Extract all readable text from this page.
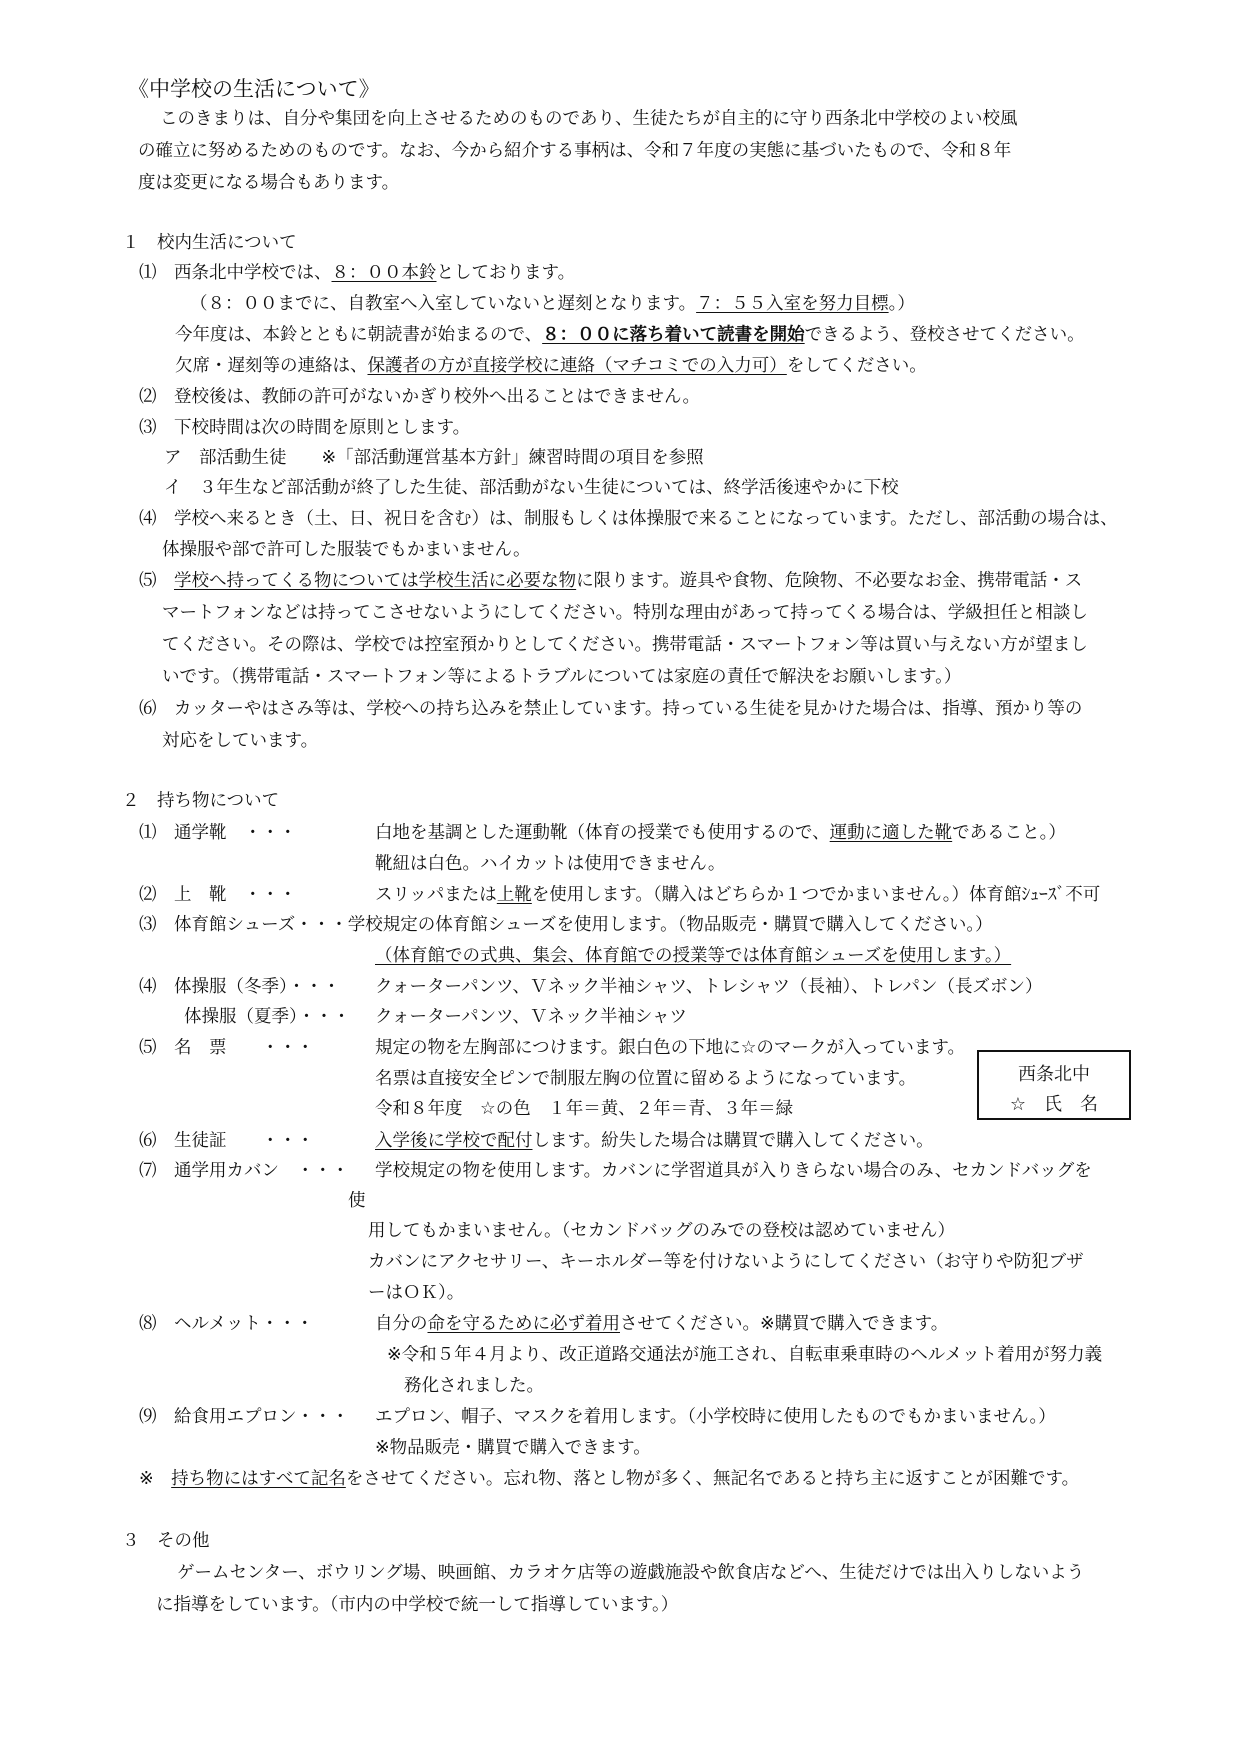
《中学校の生活について》
このきまりは、自分や集団を向上させるためのものであり、生徒たちが自主的に守り西条北中学校のよい校風
の確立に努めるためのものです。なお、今から紹介する事柄は、令和７年度の実態に基づいたもので、令和８年
度は変更になる場合もあります。
１　校内生活について
⑴　 西条北中学校では、８：００本鈴としております。
（８：００までに、自教室へ入室していないと遅刻となります。７：５５入室を努力目標。）
今年度は、本鈴とともに朝読書が始まるので、８：００に落ち着いて読書を開始できるよう、登校させてください。
欠席・遅刻等の連絡は、保護者の方が直接学校に連絡（マチコミでの入力可）をしてください。
⑵　登校後は、教師の許可がないかぎり校外へ出ることはできません。
⑶　下校時間は次の時間を原則とします。
ア　部活動生徒　　※「部活動運営基本方針」練習時間の項目を参照
イ　３年生など部活動が終了した生徒、部活動がない生徒については、終学活後速やかに下校
⑷　学校へ来るとき（土、日、祝日を含む）は、制服もしくは体操服で来ることになっています。ただし、部活動の場合は、
体操服や部で許可した服装でもかまいません。
⑸　 学校へ持ってくる物については学校生活に必要な物に限ります。遊具や食物、危険物、不必要なお金、携帯電話・ス
マートフォンなどは持ってこさせないようにしてください。特別な理由があって持ってくる場合は、学級担任と相談し
てください。その際は、学校では控室預かりとしてください。携帯電話・スマートフォン等は買い与えない方が望まし
いです。（携帯電話・スマートフォン等によるトラブルについては家庭の責任で解決をお願いします。）
⑹　カッターやはさみ等は、学校への持ち込みを禁止しています。持っている生徒を見かけた場合は、指導、預かり等の
対応をしています。
２　持ち物について
⑴　通学靴　・・・	白地を基調とした運動靴（体育の授業でも使用するので、運動に適した靴であること。）
靴紐は白色。ハイカットは使用できません。
⑵　上　靴　・・・	スリッパまたは上靴を使用します。（購入はどちらか１つでかまいません。）体育館ｼｭｰｽﾞ不可
⑶　体育館シューズ・・・学校規定の体育館シューズを使用します。（物品販売・購買で購入してください。）
（体育館での式典、集会、体育館での授業等では体育館シューズを使用します。）
⑷　体操服（冬季）・・・ クォーターパンツ、Ｖネック半袖シャツ、トレシャツ（長袖）、トレパン（長ズボン）
体操服（夏季）・・・ クォーターパンツ、Ｖネック半袖シャツ
⑸　名　票　　・・・	規定の物を左胸部につけます。銀白色の下地に☆のマークが入っています。
名票は直接安全ピンで制服左胸の位置に留めるようになっています。
令和８年度　☆の色　１年＝黄、２年＝青、３年＝緑
西条北中
☆　氏　名
⑹　生徒証　　・・・	入学後に学校で配付します。紛失した場合は購買で購入してください。
⑺　通学用カバン　・・・ 学校規定の物を使用します。カバンに学習道具が入りきらない場合のみ、セカンドバッグを
使
用してもかまいません。（セカンドバッグのみでの登校は認めていません）
カバンにアクセサリー、キーホルダー等を付けないようにしてください（お守りや防犯ブザ
ーはＯＫ）。
⑻　ヘルメット・・・	自分の命を守るために必ず着用させてください。※購買で購入できます。
※令和５年４月より、改正道路交通法が施工され、自転車乗車時のヘルメット着用が努力義
務化されました。
⑼　給食用エプロン・・・ エプロン、帽子、マスクを着用します。（小学校時に使用したものでもかまいません。）
※物品販売・購買で購入できます。
※　 持ち物にはすべて記名をさせてください。忘れ物、落とし物が多く、無記名であると持ち主に返すことが困難です。
３　その他
ゲームセンター、ボウリング場、映画館、カラオケ店等の遊戯施設や飲食店などへ、生徒だけでは出入りしないよう
に指導をしています。（市内の中学校で統一して指導しています。）
